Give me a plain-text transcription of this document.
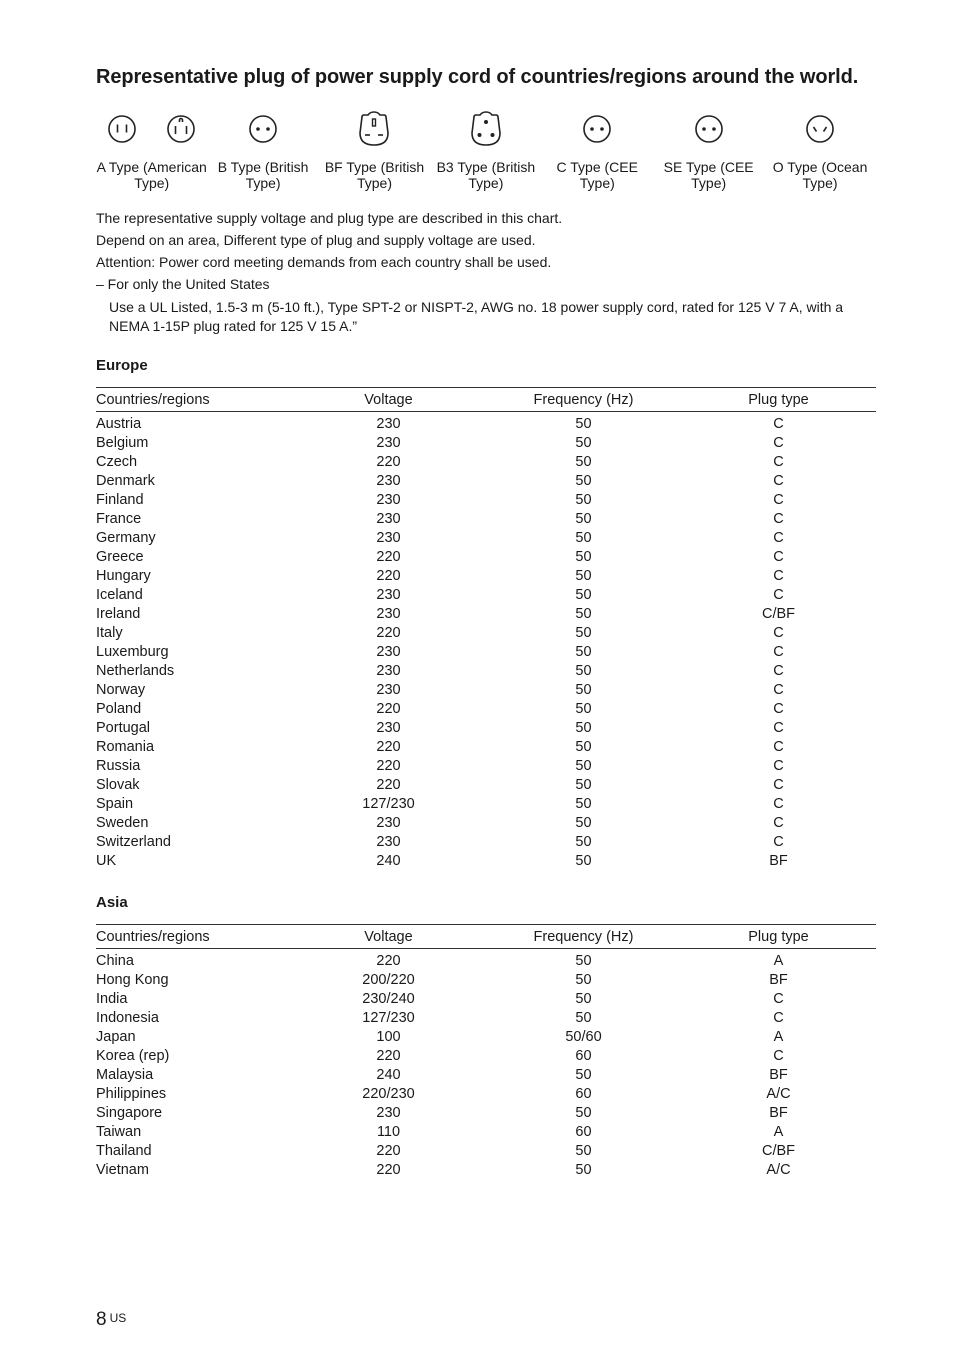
Representative plug of power supply cord of countries/regions around the world.
A Type (American Type)
B Type (British Type)
BF Type (British Type)
B3 Type (British Type)
C Type (CEE Type)
SE Type (CEE Type)
O Type (Ocean Type)

The representative supply voltage and plug type are described in this chart.

Depend on an area, Different type of plug and supply voltage are used.

Attention: Power cord meeting demands from each country shall be used.

– For only the United States

Use a UL Listed, 1.5-3 m (5-10 ft.), Type SPT-2 or NISPT-2, AWG no. 18 power supply cord, rated for 125 V 7 A, with a NEMA 1-15P plug rated for 125 V 15 A.”

Europe
Countries/regions	Voltage	Frequency (Hz)	Plug type
Austria	230	50	C
Belgium	230	50	C
Czech	220	50	C
Denmark	230	50	C
Finland	230	50	C
France	230	50	C
Germany	230	50	C
Greece	220	50	C
Hungary	220	50	C
Iceland	230	50	C
Ireland	230	50	C/BF
Italy	220	50	C
Luxemburg	230	50	C
Netherlands	230	50	C
Norway	230	50	C
Poland	220	50	C
Portugal	230	50	C
Romania	220	50	C
Russia	220	50	C
Slovak	220	50	C
Spain	127/230	50	C
Sweden	230	50	C
Switzerland	230	50	C
UK	240	50	BF
Asia
Countries/regions	Voltage	Frequency (Hz)	Plug type
China	220	50	A
Hong Kong	200/220	50	BF
India	230/240	50	C
Indonesia	127/230	50	C
Japan	100	50/60	A
Korea (rep)	220	60	C
Malaysia	240	50	BF
Philippines	220/230	60	A/C
Singapore	230	50	BF
Taiwan	110	60	A
Thailand	220	50	C/BF
Vietnam	220	50	A/C
8 US
